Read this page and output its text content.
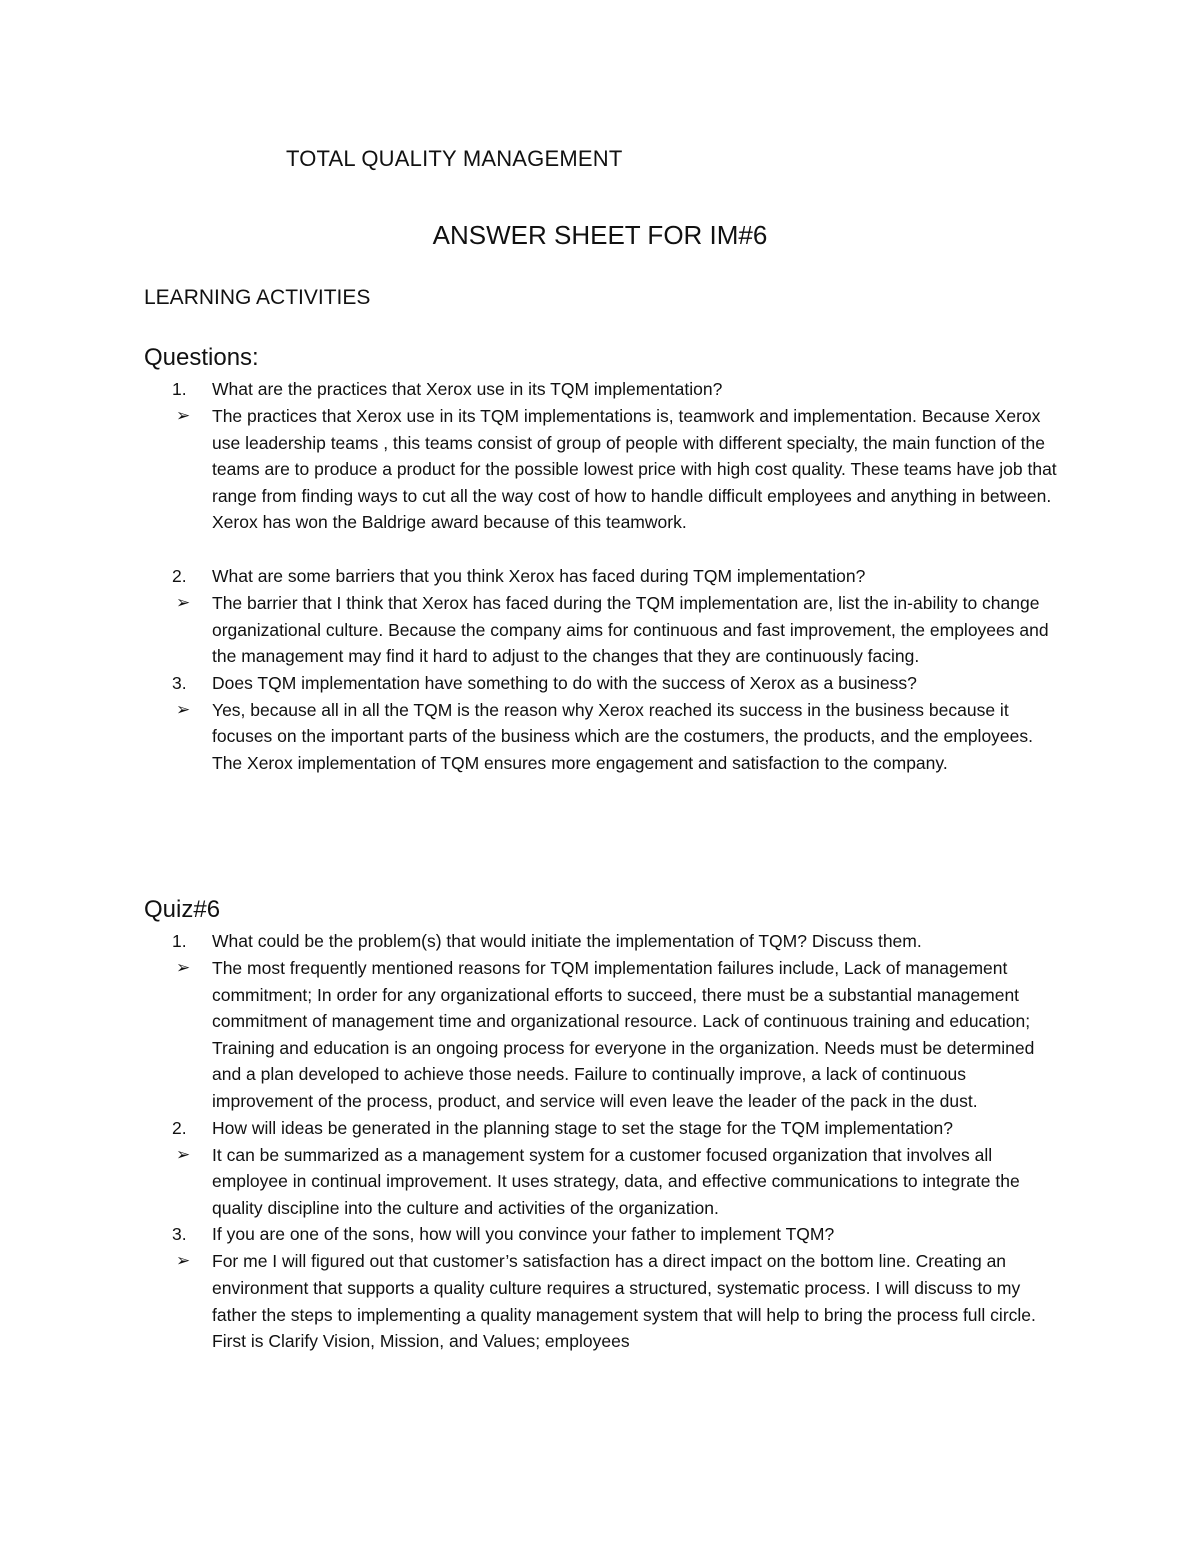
TOTAL QUALITY MANAGEMENT
ANSWER SHEET FOR IM#6
LEARNING ACTIVITIES
Questions:
1. What are the practices that Xerox use in its TQM implementation?
➢ The practices that Xerox use in its TQM implementations is, teamwork and implementation. Because Xerox use leadership teams , this teams consist of group of people with different specialty, the main function of the teams are to produce a product for the possible lowest price with high cost quality. These teams have job that range from finding ways to cut all the way cost of how to handle difficult employees and anything in between. Xerox has won the Baldrige award because of this teamwork.
2. What are some barriers that you think Xerox has faced during TQM implementation?
➢ The barrier that I think that Xerox has faced during the TQM implementation are, list the in-ability to change organizational culture. Because the company aims for continuous and fast improvement, the employees and the management may find it hard to adjust to the changes that they are continuously facing.
3. Does TQM implementation have something to do with the success of Xerox as a business?
➢ Yes, because all in all the TQM is the reason why Xerox reached its success in the business because it focuses on the important parts of the business which are the costumers, the products, and the employees. The Xerox implementation of TQM ensures more engagement and satisfaction to the company.
Quiz#6
1. What could be the problem(s) that would initiate the implementation of TQM? Discuss them.
➢ The most frequently mentioned reasons for TQM implementation failures include, Lack of management commitment; In order for any organizational efforts to succeed, there must be a substantial management commitment of management time and organizational resource. Lack of continuous training and education; Training and education is an ongoing process for everyone in the organization. Needs must be determined and a plan developed to achieve those needs. Failure to continually improve, a lack of continuous improvement of the process, product, and service will even leave the leader of the pack in the dust.
2. How will ideas be generated in the planning stage to set the stage for the TQM implementation?
➢ It can be summarized as a management system for a customer focused organization that involves all employee in continual improvement. It uses strategy, data, and effective communications to integrate the quality discipline into the culture and activities of the organization.
3. If you are one of the sons, how will you convince your father to implement TQM?
➢ For me I will figured out that customer’s satisfaction has a direct impact on the bottom line. Creating an environment that supports a quality culture requires a structured, systematic process. I will discuss to my father the steps to implementing a quality management system that will help to bring the process full circle. First is Clarify Vision, Mission, and Values; employees
